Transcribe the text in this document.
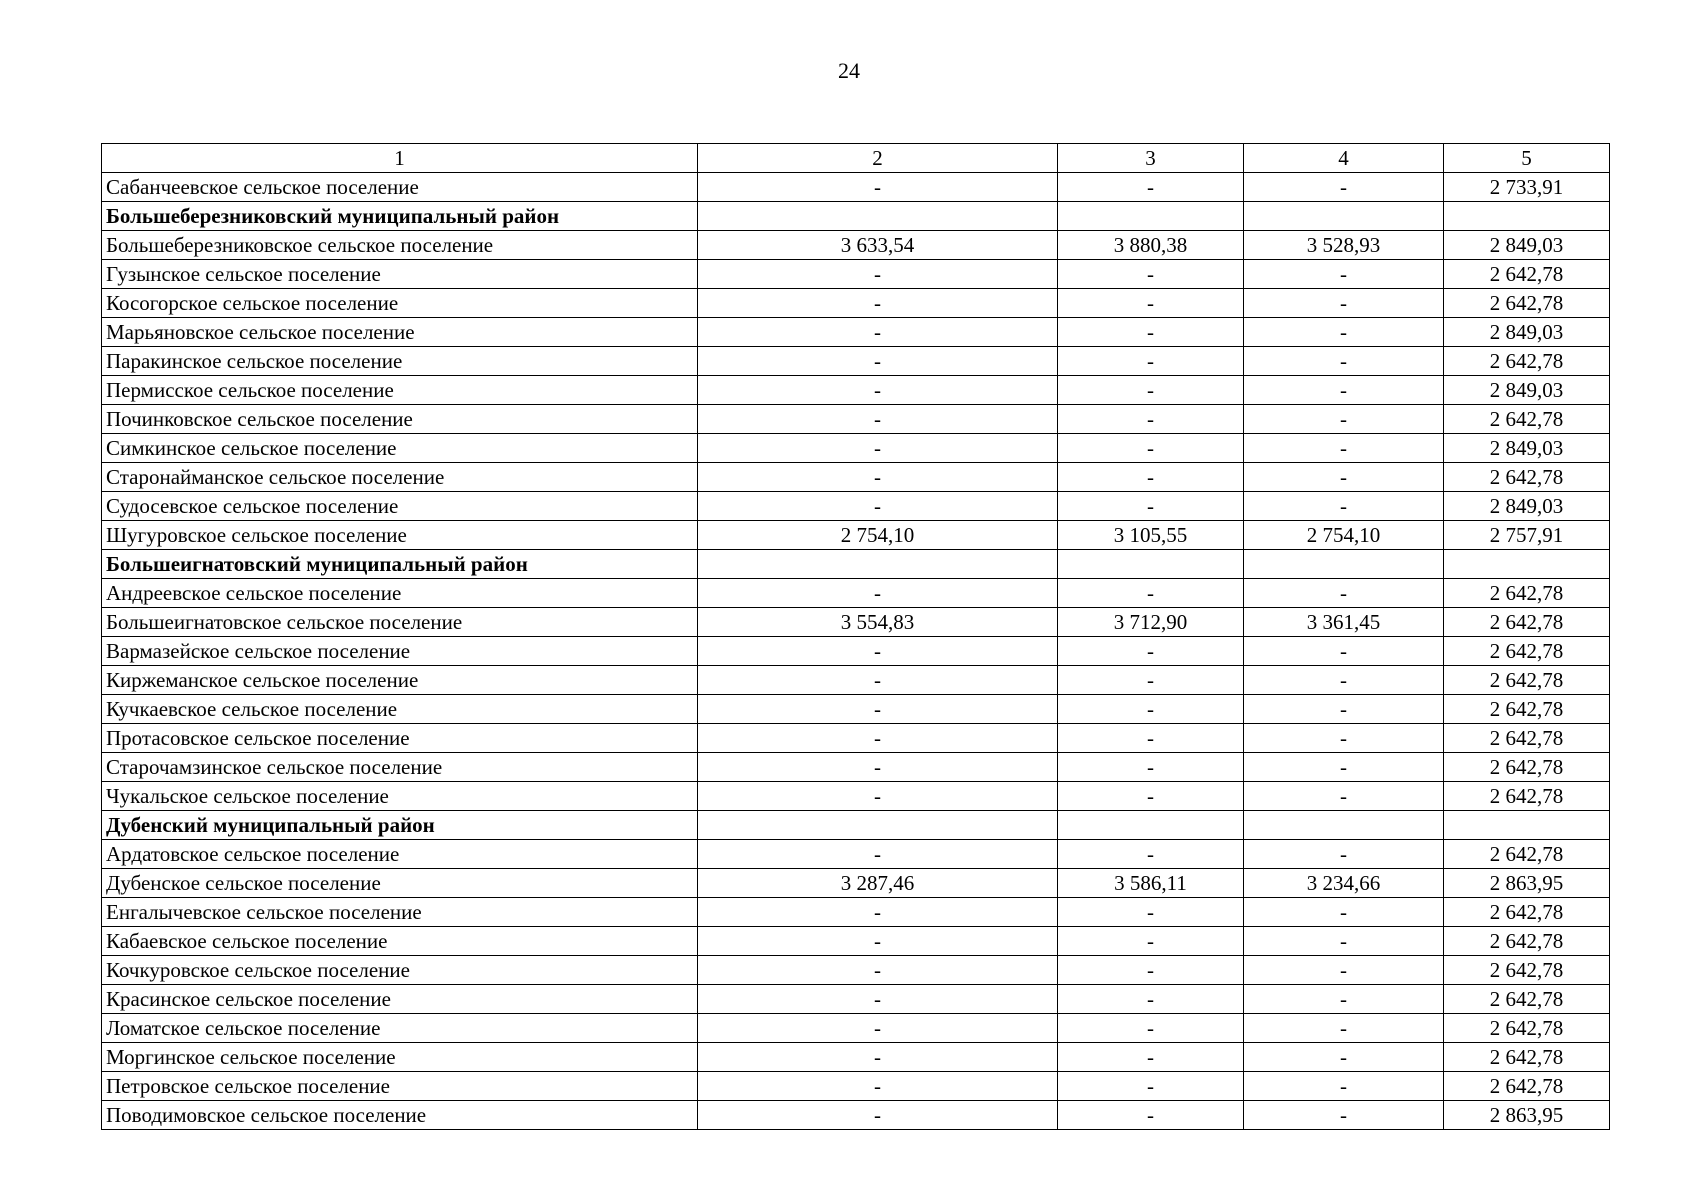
24
1	2	3	4	5
Сабанчеевское сельское поселение	-	-	-	2 733,91
Большеберезниковский муниципальный район				
Большеберезниковское сельское поселение	3 633,54	3 880,38	3 528,93	2 849,03
Гузынское сельское поселение	-	-	-	2 642,78
Косогорское сельское поселение	-	-	-	2 642,78
Марьяновское сельское поселение	-	-	-	2 849,03
Паракинское сельское поселение	-	-	-	2 642,78
Пермисское сельское поселение	-	-	-	2 849,03
Починковское сельское поселение	-	-	-	2 642,78
Симкинское сельское поселение	-	-	-	2 849,03
Старонайманское сельское поселение	-	-	-	2 642,78
Судосевское сельское поселение	-	-	-	2 849,03
Шугуровское сельское поселение	2 754,10	3 105,55	2 754,10	2 757,91
Большеигнатовский муниципальный район				
Андреевское сельское поселение	-	-	-	2 642,78
Большеигнатовское сельское поселение	3 554,83	3 712,90	3 361,45	2 642,78
Вармазейское сельское поселение	-	-	-	2 642,78
Киржеманское сельское поселение	-	-	-	2 642,78
Кучкаевское сельское поселение	-	-	-	2 642,78
Протасовское сельское поселение	-	-	-	2 642,78
Старочамзинское сельское поселение	-	-	-	2 642,78
Чукальское сельское поселение	-	-	-	2 642,78
Дубенский муниципальный район				
Ардатовское сельское поселение	-	-	-	2 642,78
Дубенское сельское поселение	3 287,46	3 586,11	3 234,66	2 863,95
Енгалычевское сельское поселение	-	-	-	2 642,78
Кабаевское сельское поселение	-	-	-	2 642,78
Кочкуровское сельское поселение	-	-	-	2 642,78
Красинское сельское поселение	-	-	-	2 642,78
Ломатское сельское поселение	-	-	-	2 642,78
Моргинское сельское поселение	-	-	-	2 642,78
Петровское сельское поселение	-	-	-	2 642,78
Поводимовское сельское поселение	-	-	-	2 863,95
